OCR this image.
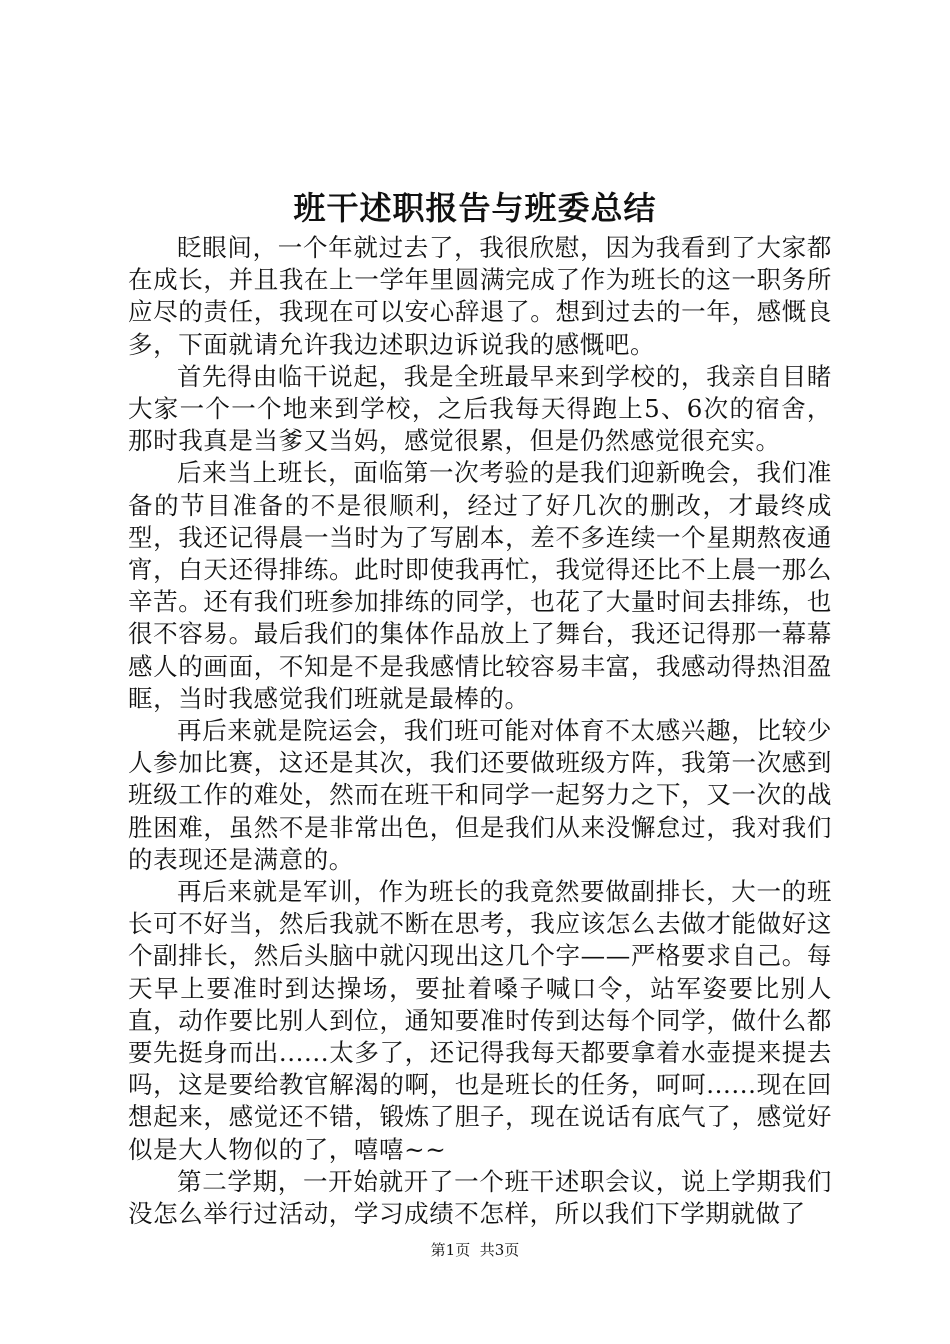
班干述职报告与班委总结

眨眼间，一个年就过去了，我很欣慰，因为我看到了大家都在成长，并且我在上一学年里圆满完成了作为班长的这一职务所应尽的责任，我现在可以安心辞退了。想到过去的一年，感慨良多，下面就请允许我边述职边诉说我的感慨吧。

首先得由临干说起，我是全班最早来到学校的，我亲自目睹大家一个一个地来到学校，之后我每天得跑上5、6次的宿舍，那时我真是当爹又当妈，感觉很累，但是仍然感觉很充实。

后来当上班长，面临第一次考验的是我们迎新晚会，我们准备的节目准备的不是很顺利，经过了好几次的删改，才最终成型，我还记得晨一当时为了写剧本，差不多连续一个星期熬夜通宵，白天还得排练。此时即使我再忙，我觉得还比不上晨一那么辛苦。还有我们班参加排练的同学，也花了大量时间去排练，也很不容易。最后我们的集体作品放上了舞台，我还记得那一幕幕感人的画面，不知是不是我感情比较容易丰富，我感动得热泪盈眶，当时我感觉我们班就是最棒的。

再后来就是院运会，我们班可能对体育不太感兴趣，比较少人参加比赛，这还是其次，我们还要做班级方阵，我第一次感到班级工作的难处，然而在班干和同学一起努力之下，又一次的战胜困难，虽然不是非常出色，但是我们从来没懈怠过，我对我们的表现还是满意的。

再后来就是军训，作为班长的我竟然要做副排长，大一的班长可不好当，然后我就不断在思考，我应该怎么去做才能做好这个副排长，然后头脑中就闪现出这几个字——严格要求自己。每天早上要准时到达操场，要扯着嗓子喊口令，站军姿要比别人直，动作要比别人到位，通知要准时传到达每个同学，做什么都要先挺身而出......太多了，还记得我每天都要拿着水壶提来提去吗，这是要给教官解渴的啊，也是班长的任务，呵呵......现在回想起来，感觉还不错，锻炼了胆子，现在说话有底气了，感觉好似是大人物似的了，嘻嘻~~

第二学期，一开始就开了一个班干述职会议，说上学期我们没怎么举行过活动，学习成绩不怎样，所以我们下学期就做了

第1页 共3页
